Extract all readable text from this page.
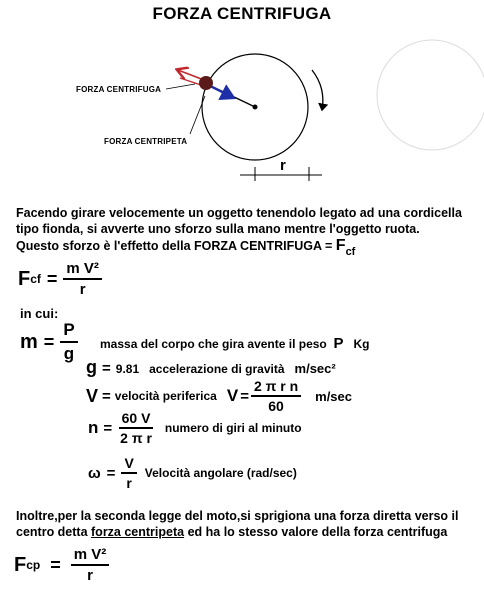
FORZA CENTRIFUGA
FORZA CENTRIFUGA
FORZA CENTRIPETA
r
Facendo girare velocemente un oggetto tenendolo legato ad una cordicella
tipo fionda, si avverte uno sforzo sulla mano mentre l'oggetto ruota.
Questo sforzo è l'effetto della FORZA CENTRIFUGA = Fcf
F cf = $\frac{\text{m V²}}{r}$
in cui:
$m = \frac{P}{g}$ massa del corpo che gira avente il peso P Kg
g = 9.81 accelerazione di gravità m/sec²
V = velocità periferica $V = \frac{\text{2 π r n}}{60} m/\sec$
$n = \frac{60 V}{\text{2 π r}}$ numero di giri al minuto
$\omega = \frac{V}{r}$ Velocità angolare (rad/sec)
Inoltre,per la seconda legge del moto,si sprigiona una forza diretta verso il
centro detta forza centripeta ed ha lo stesso valore della forza centrifuga
F cp = $\frac{\text{m V²}}{r}$
